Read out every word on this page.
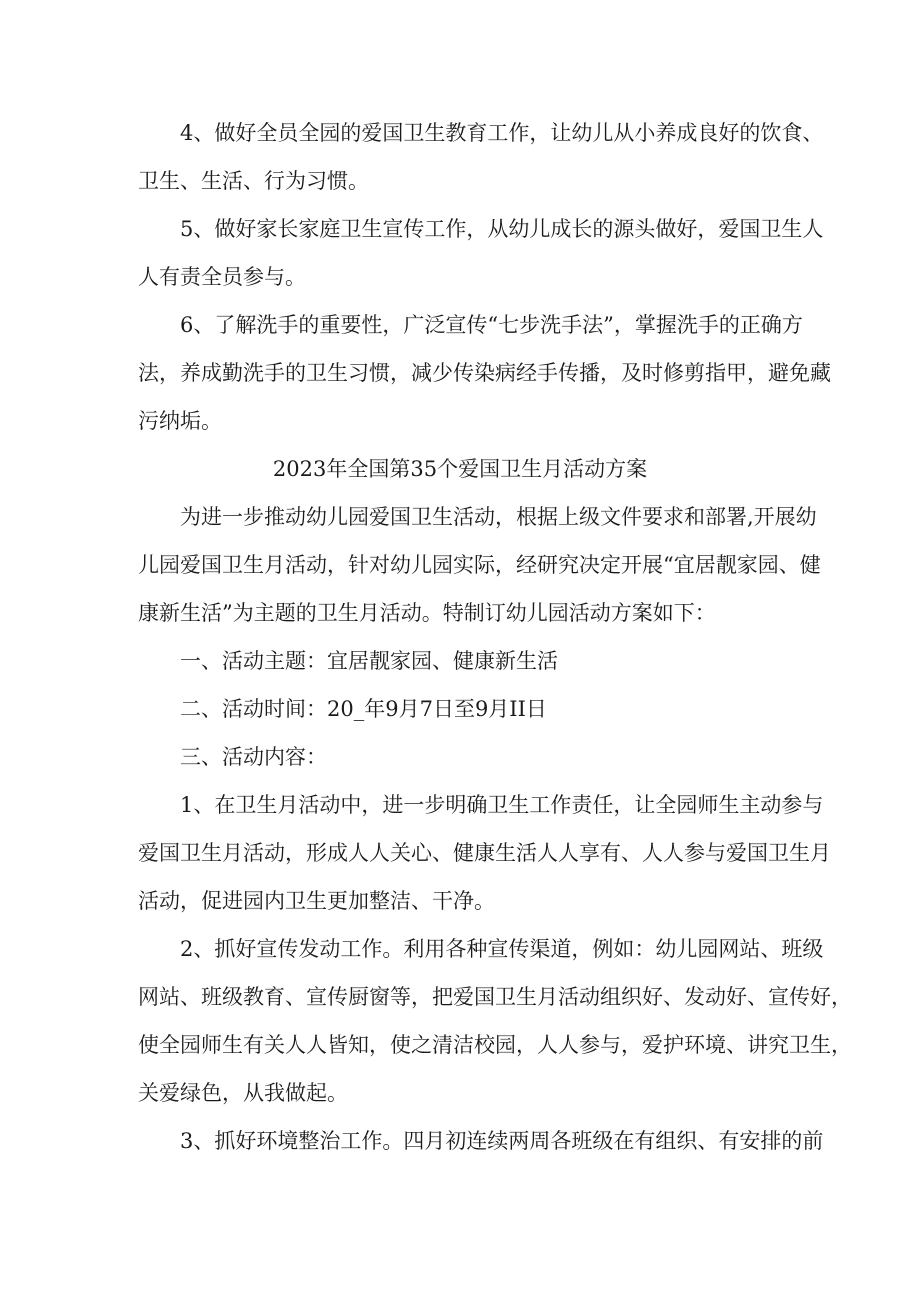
4、做好全员全园的爱国卫生教育工作，让幼儿从小养成良好的饮食、

卫生、生活、行为习惯。

5、做好家长家庭卫生宣传工作，从幼儿成长的源头做好，爱国卫生人

人有责全员参与。

6、了解洗手的重要性，广泛宣传“七步洗手法”，掌握洗手的正确方

法，养成勤洗手的卫生习惯，减少传染病经手传播，及时修剪指甲，避免藏

污纳垢。

2023年全国第35个爱国卫生月活动方案

为进一步推动幼儿园爱国卫生活动，根据上级文件要求和部署,开展幼

儿园爱国卫生月活动，针对幼儿园实际，经研究决定开展“宜居靓家园、健

康新生活”为主题的卫生月活动。特制订幼儿园活动方案如下：

一、活动主题：宜居靓家园、健康新生活

二、活动时间：20_年9月7日至9月II日

三、活动内容：

1、在卫生月活动中，进一步明确卫生工作责任，让全园师生主动参与

爱国卫生月活动，形成人人关心、健康生活人人享有、人人参与爱国卫生月

活动，促进园内卫生更加整洁、干净。

2、抓好宣传发动工作。利用各种宣传渠道，例如：幼儿园网站、班级

网站、班级教育、宣传厨窗等，把爱国卫生月活动组织好、发动好、宣传好，

使全园师生有关人人皆知，使之清洁校园，人人参与，爱护环境、讲究卫生，

关爱绿色，从我做起。

3、抓好环境整治工作。四月初连续两周各班级在有组织、有安排的前
